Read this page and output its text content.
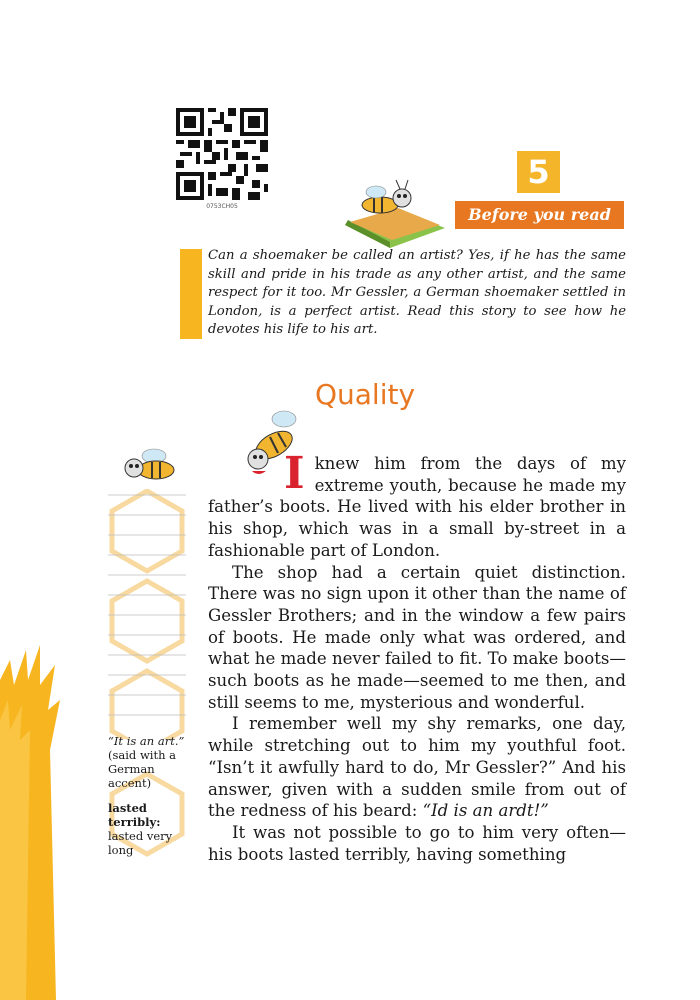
0753CH05
5
Before you read
Can a shoemaker be called an artist? Yes, if he has the same skill and pride in his trade as any other artist, and the same respect for it too. Mr Gessler, a German shoemaker settled in London, is a perfect artist. Read this story to see how he devotes his life to his art.
Quality
“It is an art.”
(said with a German accent)
lasted terribly:
lasted very long

Iknew him from the days of my extreme youth, because he made my father’s boots. He lived with his elder brother in his shop, which was in a small by-street in a fashionable part of London.

The shop had a certain quiet distinction. There was no sign upon it other than the name of Gessler Brothers; and in the window a few pairs of boots. He made only what was ordered, and what he made never failed to fit. To make boots—such boots as he made—seemed to me then, and still seems to me, mysterious and wonderful.

I remember well my shy remarks, one day, while stretching out to him my youthful foot. “Isn’t it awfully hard to do, Mr Gessler?” And his answer, given with a sudden smile from out of the redness of his beard: “Id is an ardt!”

It was not possible to go to him very often—his boots lasted terribly, having something
